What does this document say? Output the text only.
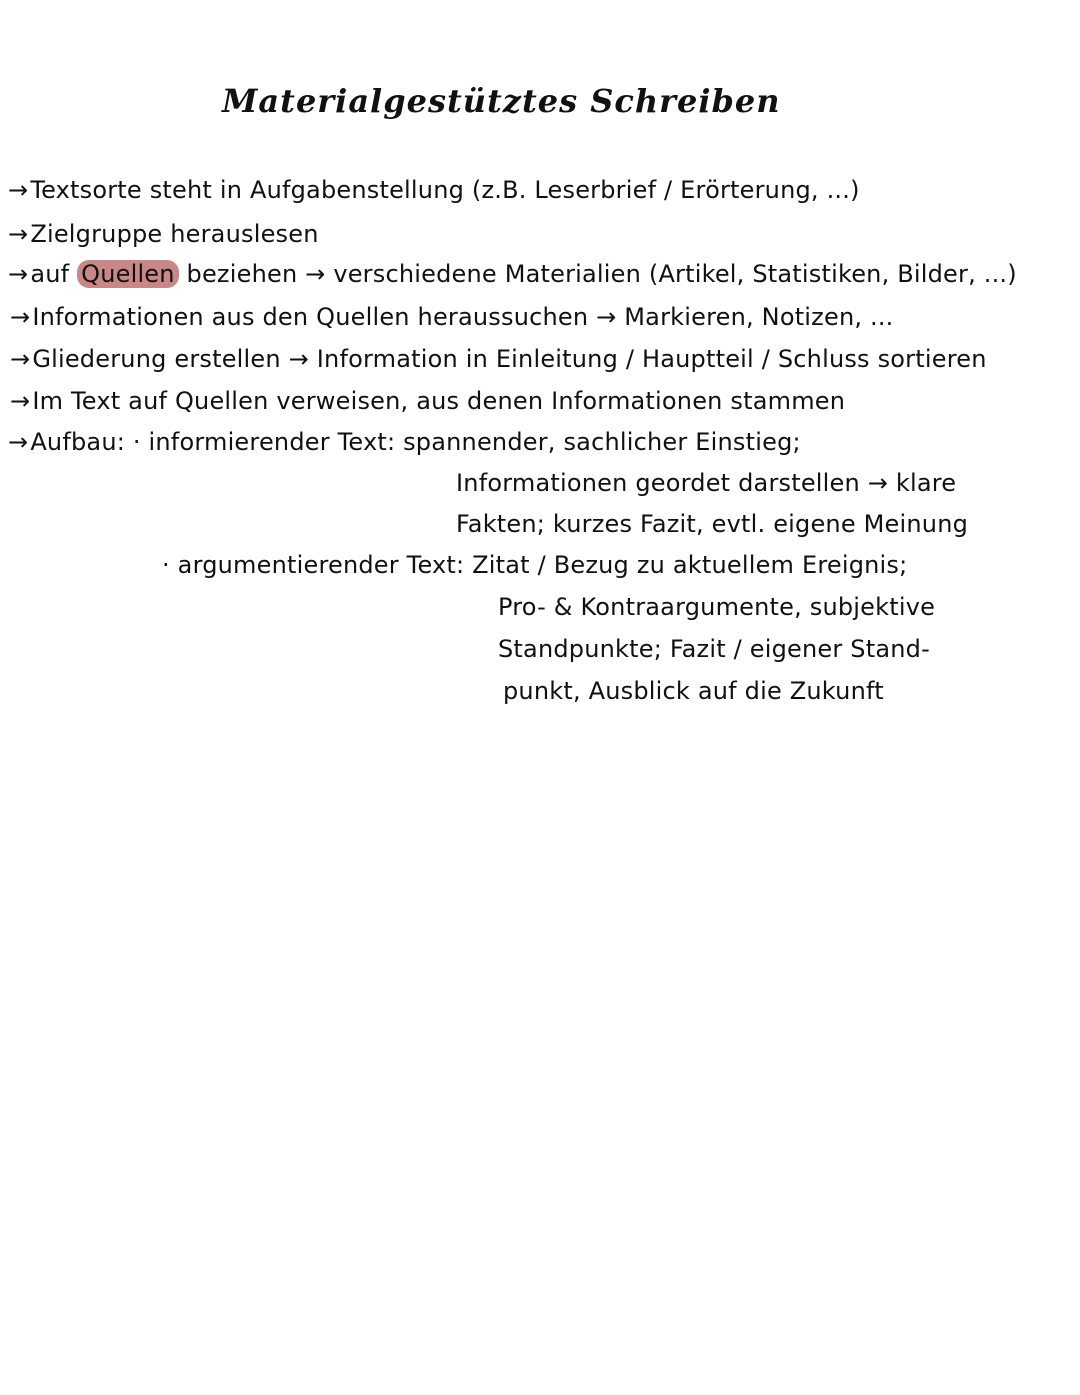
Materialgestütztes Schreiben
→Textsorte steht in Aufgabenstellung (z.B. Leserbrief / Erörterung, ...)
→Zielgruppe herauslesen
→auf Quellen beziehen → verschiedene Materialien (Artikel, Statistiken, Bilder, ...)
→Informationen aus den Quellen heraussuchen → Markieren, Notizen, ...
→Gliederung erstellen → Information in Einleitung / Hauptteil / Schluss sortieren
→Im Text auf Quellen verweisen, aus denen Informationen stammen
→Aufbau: · informierender Text: spannender, sachlicher Einstieg;
Informationen geordet darstellen → klare
Fakten; kurzes Fazit, evtl. eigene Meinung
· argumentierender Text: Zitat / Bezug zu aktuellem Ereignis;
Pro- & Kontraargumente, subjektive
Standpunkte; Fazit / eigener Stand-
punkt, Ausblick auf die Zukunft
